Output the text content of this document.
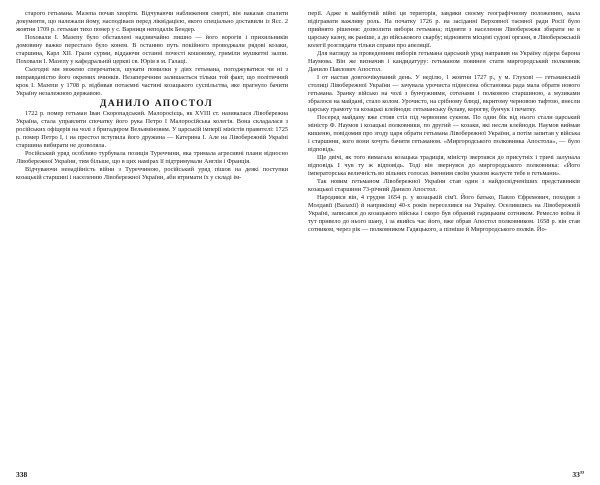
старого гетьмана. Мазепа почав хворіти. Відчуваючи наближення смерті, він наказав спалити документи, що належали йому, насподіваєв перед ліквідацією, якого спеціально доставили із Ясс. 2 жовтня 1709 р. гетьман тихо помер у с. Варниця неподалік Бендер.

Поховали І. Мазепу було обставлені надзвичайно пишно — його ворогів і прихильників домовину важко перестало було конем. В останню путь покійного проводжали рядові козаки, старшина, Карл XII. Грали сурми, віддаючи останні почесті кошовому, гриміли мушкетні залпи. Поховали І. Мазепу у кафедральній церкві св. Юрія в м. Галаці.

Сьогодні ми можемо сперечатися, шукати помилки у діях гетьмана, погоджуватися чи ні з виправданістю його окремих вчинків. Незаперечним залишається тільки той факт, що політичний крок І. Мазепи у 1708 р. відбивав потаємні частині козацького суспільства, яке прагнуло бачити Україну незалежною державою.

ДАНИЛО АПОСТОЛ

1722 р. помер гетьман Іван Скоропадський. Малоросієць, як XVIII ст. називалася Лівобережна Україна, стала управляти спочатку його рука Петро І Малоросійська колегія. Вона складалася з російських офіцерів на чолі з бригадиром Вельяміновим. У царській імперії міністів правителі: 1725 р. помер Петро І, і на престол вступила його дружина — Катерина І. Але на Лівобережній Україні старшина вибирати не дозволяла.

Російський уряд особливо турбувала позиція Туреччини, яка тримала агресивні плани відносно Лівобережної України, тим більше, що в цих наміраx її підтримували Англія і Франція.

Відчуваючи ненадійність війни з Туреччиною, російський уряд пішов на деякі поступки козацькій старшині і населенню Лівобережної України, аби втримати їх у складі ім-

перії. Адже в майбутній війні ця територія, завдяки своєму географічному положенню, мала відігравати важливу роль. На початку 1726 р. на засіданні Верховної таємної ради Росії було прийнято рішення: дозволити вибори гетьмана; підняти з населення Лівобережжя збирати не в царську казну, як раніше, а до військового скарбу; відновити місцеві судові органи, в Лівобережській колегії розглядати тільки справи про апеляції.

Для нагляду за проведенням виборів гетьмана царський уряд направив на Україну лідера барона Наумова. Він же визначив і кандидатуру: гетьманом повинен стати миргородський полковник Данило Павлович Апостол.

І от настав довгоочікуваний день. У неділю, 1 жовтня 1727 р., у м. Глухові — гетьманській столиці Лівобережної України — зачувала урочиста піднесена обстановка рада мала обрати нового гетьмана. Зранку військо на чолі з бунчужними, сотенами і полковою старшиною, а музиками збралося на майдані, стало колом. Урочисто, на срібному блюді, вкритому черновою тафтою, внесли царську грамоту та козацькі клейноди: гетьманську булаву, корогву, бунчук і печатку.

Посеред майдану вже стояв стіл під червоним сукном. По один бік від нього стали царський міністр Ф. Наумов і козацькі полковники, по другий — козаки, які несли клейноди. Наумов виймав кишеню, повідомив про згоду царя обрати гетьмана Лівобережної України, а потім запитав у війська і старшини, кого вони хочуть бачити гетьманом. «Миргородського полковника Апостола», — було відповідь.

Ще двічі, як того вимагала козацька традиція, міністр звертався до присутніх і тричі залунала відповідь І чув ту ж відповідь. Тоді він звернувся до миргородського полковника: «Його імператорська величність во вільних голосах іменним своїм указом жалуєте тебе в гетьмани».

Так новим гетьманом Лівобережної України став один з найдосвідченіших представників козацької старшини 73-річний Данило Апостол.

Народився він, 4 грудня 1654 р. у козацькій сім'ї. Його батько, Павло Єфремович, походив з Молдавії (Валахії) й наприкінці 40-х років переселився на Україну. Оселившись на Лівобережній Україні, записався до козацького війська і скоро був обраний гадяцьким сотником. Ремесло воїна й тут привело до нього шану, і за якийсь час його, вже обрав Апостол полковником. 1658 р. він став сотником, через рік — полковником Гадяцького, а пізніше й Миргородського полків. Йо-

338	$33^{зз}$
